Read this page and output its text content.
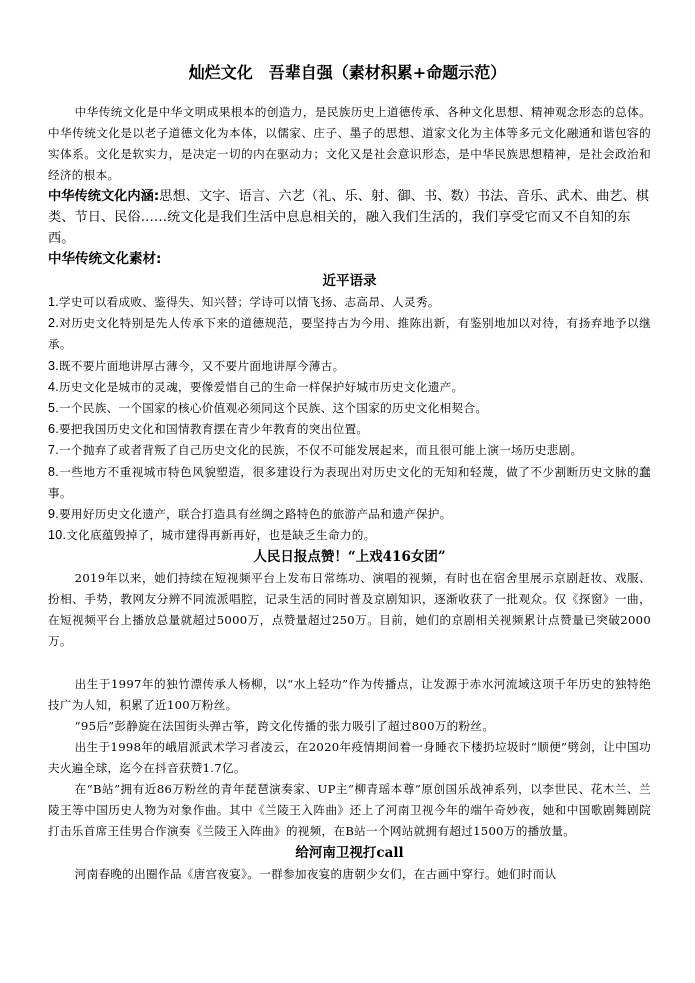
灿烂文化 吾辈自强（素材积累+命题示范）

中华传统文化是中华文明成果根本的创造力，是民族历史上道德传承、各种文化思想、精神观念形态的总体。中华传统文化是以老子道德文化为本体，以儒家、庄子、墨子的思想、道家文化为主体等多元文化融通和谐包容的实体系。文化是软实力，是决定一切的内在驱动力；文化又是社会意识形态，是中华民族思想精神，是社会政治和经济的根本。

中华传统文化内涵:思想、文字、语言、六艺（礼、乐、射、御、书、数）书法、音乐、武术、曲艺、棋类、节日、民俗……统文化是我们生活中息息相关的，融入我们生活的，我们享受它而又不自知的东西。

中华传统文化素材:

近平语录

1.学史可以看成败、鉴得失、知兴替；学诗可以情飞扬、志高昂、人灵秀。

2.对历史文化特别是先人传承下来的道德规范，要坚持古为今用、推陈出新，有鉴别地加以对待，有扬弃地予以继承。

3.既不要片面地讲厚古薄今，又不要片面地讲厚今薄古。

4.历史文化是城市的灵魂，要像爱惜自己的生命一样保护好城市历史文化遗产。

5.一个民族、一个国家的核心价值观必须同这个民族、这个国家的历史文化相契合。

6.要把我国历史文化和国情教育摆在青少年教育的突出位置。

7.一个抛弃了或者背叛了自己历史文化的民族，不仅不可能发展起来，而且很可能上演一场历史悲剧。

8.一些地方不重视城市特色风貌塑造，很多建设行为表现出对历史文化的无知和轻蔑，做了不少割断历史文脉的蠢事。

9.要用好历史文化遗产，联合打造具有丝绸之路特色的旅游产品和遗产保护。

10.文化底蕴毁掉了，城市建得再新再好，也是缺乏生命力的。

人民日报点赞！“上戏416女团”

2019年以来，她们持续在短视频平台上发布日常练功、演唱的视频，有时也在宿舍里展示京剧赶妆、戏服、扮相、手势，教网友分辨不同流派唱腔，记录生活的同时普及京剧知识，逐渐收获了一批观众。仅《探窗》一曲，在短视频平台上播放总量就超过5000万，点赞量超过250万。目前，她们的京剧相关视频累计点赞量已突破2000万。

出生于1997年的独竹漂传承人杨柳，以“水上轻功”作为传播点，让发源于赤水河流域这项千年历史的独特绝技广为人知，积累了近100万粉丝。

“95后”彭静旋在法国街头弹古筝，跨文化传播的张力吸引了超过800万的粉丝。

出生于1998年的峨眉派武术学习者凌云，在2020年疫情期间着一身睡衣下楼扔垃圾时“顺便”劈剑，让中国功夫火遍全球，迄今在抖音获赞1.7亿。

在“B站”拥有近86万粉丝的青年琵琶演奏家、UP主“柳青瑶本尊”原创国乐战神系列，以李世民、花木兰、兰陵王等中国历史人物为对象作曲。其中《兰陵王入阵曲》还上了河南卫视今年的端午奇妙夜，她和中国歌剧舞剧院打击乐首席王佳男合作演奏《兰陵王入阵曲》的视频，在B站一个网站就拥有超过1500万的播放量。

给河南卫视打call

河南春晚的出圈作品《唐宫夜宴》。一群参加夜宴的唐朝少女们，在古画中穿行。她们时而认
